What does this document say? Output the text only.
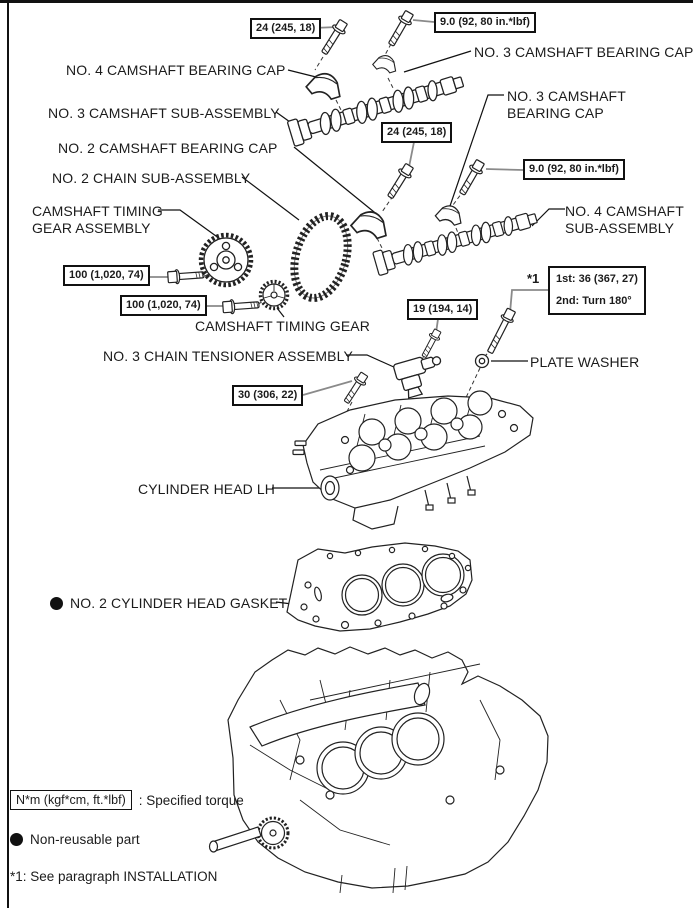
NO. 4 CAMSHAFT BEARING CAP
NO. 3 CAMSHAFT BEARING CAP
NO. 3 CAMSHAFT SUB-ASSEMBLY
NO. 3 CAMSHAFT
BEARING CAP
NO. 2 CAMSHAFT BEARING CAP
NO. 2 CHAIN SUB-ASSEMBLY
CAMSHAFT TIMING
GEAR ASSEMBLY
NO. 4 CAMSHAFT
SUB-ASSEMBLY
CAMSHAFT TIMING GEAR
NO. 3 CHAIN TENSIONER ASSEMBLY	PLATE WASHER
CYLINDER HEAD LH
NO. 2 CYLINDER HEAD GASKET
*1
24 (245, 18)	9.0 (92, 80 in.*lbf)
24 (245, 18)
9.0 (92, 80 in.*lbf)
100 (1,020, 74)
100 (1,020, 74)	19 (194, 14)
30 (306, 22)
1st: 36 (367, 27)
2nd: Turn 180°
N*m (kgf*cm, ft.*lbf) : Specified torque
Non-reusable part
*1: See paragraph INSTALLATION
